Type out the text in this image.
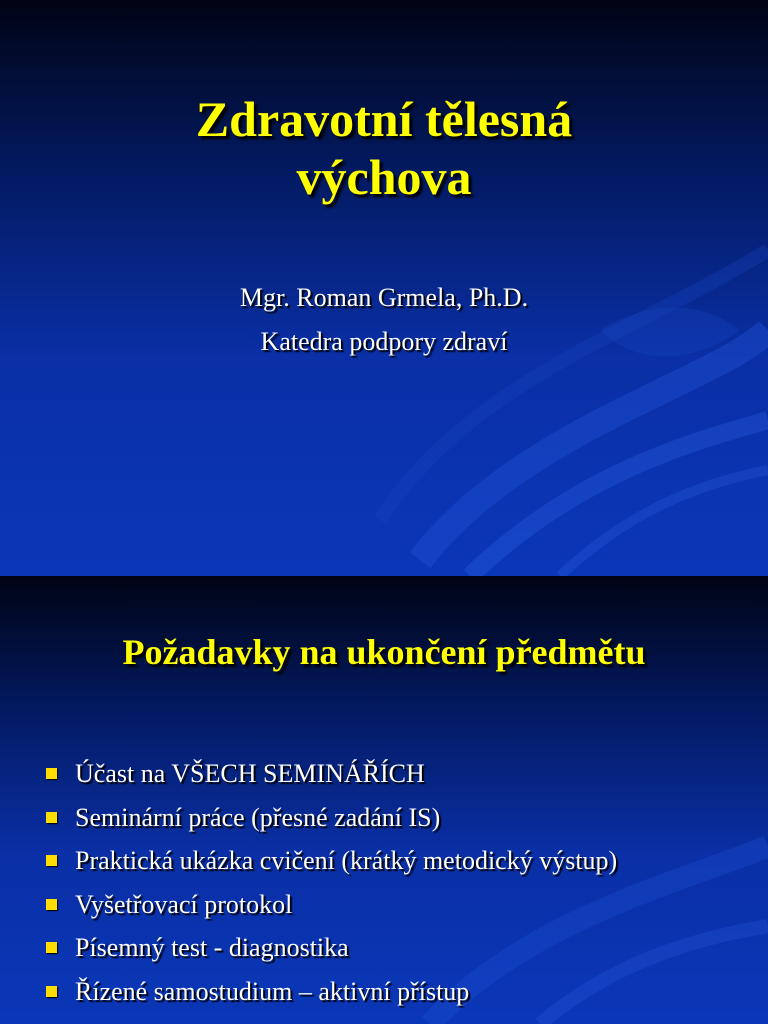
Zdravotní tělesná
výchova
Mgr. Roman Grmela, Ph.D.
Katedra podpory zdraví
Požadavky na ukončení předmětu
Účast na VŠECH SEMINÁŘÍCH
Seminární práce (přesné zadání IS)
Praktická ukázka cvičení (krátký metodický výstup)
Vyšetřovací protokol
Písemný test - diagnostika
Řízené samostudium – aktivní přístup
